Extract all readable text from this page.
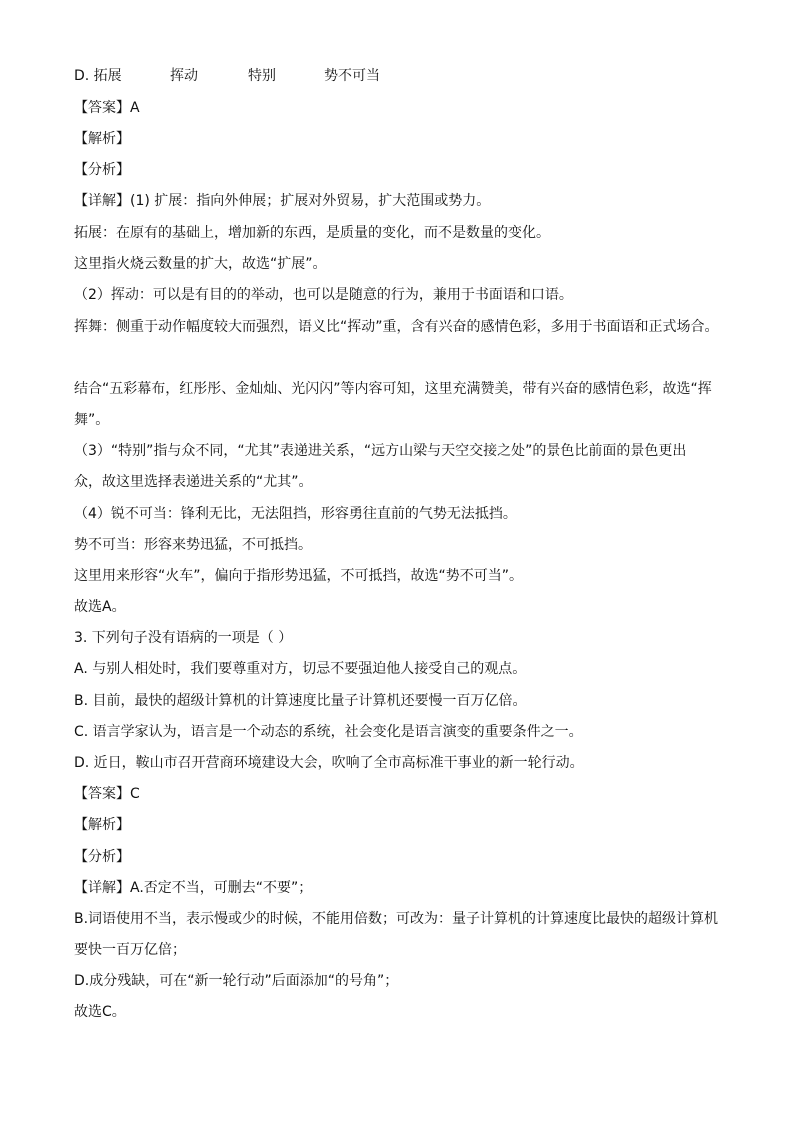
D. 拓展	挥动	特别	势不可当
【答案】A
【解析】
【分析】
【详解】(1) 扩展：指向外伸展；扩展对外贸易，扩大范围或势力。
拓展：在原有的基础上，增加新的东西，是质量的变化，而不是数量的变化。
这里指火烧云数量的扩大，故选“扩展”。
（2）挥动：可以是有目的的举动，也可以是随意的行为，兼用于书面语和口语。
挥舞：侧重于动作幅度较大而强烈，语义比“挥动”重，含有兴奋的感情色彩，多用于书面语和正式场合。
结合“五彩幕布，红彤彤、金灿灿、光闪闪”等内容可知，这里充满赞美，带有兴奋的感情色彩，故选“挥
舞”。
（3）“特别”指与众不同，“尤其”表递进关系，“远方山梁与天空交接之处”的景色比前面的景色更出
众，故这里选择表递进关系的“尤其”。
（4）锐不可当：锋利无比，无法阻挡，形容勇往直前的气势无法抵挡。
势不可当：形容来势迅猛，不可抵挡。
这里用来形容“火车”，偏向于指形势迅猛，不可抵挡，故选“势不可当”。
故选A。
3. 下列句子没有语病的一项是（ ）
A. 与别人相处时，我们要尊重对方，切忌不要强迫他人接受自己的观点。
B. 目前，最快的超级计算机的计算速度比量子计算机还要慢一百万亿倍。
C. 语言学家认为，语言是一个动态的系统，社会变化是语言演变的重要条件之一。
D. 近日，鞍山市召开营商环境建设大会，吹响了全市高标准干事业的新一轮行动。
【答案】C
【解析】
【分析】
【详解】A.否定不当，可删去“不要”；
B.词语使用不当，表示慢或少的时候，不能用倍数；可改为：量子计算机的计算速度比最快的超级计算机
要快一百万亿倍；
D.成分残缺，可在“新一轮行动”后面添加“的号角”；
故选C。
